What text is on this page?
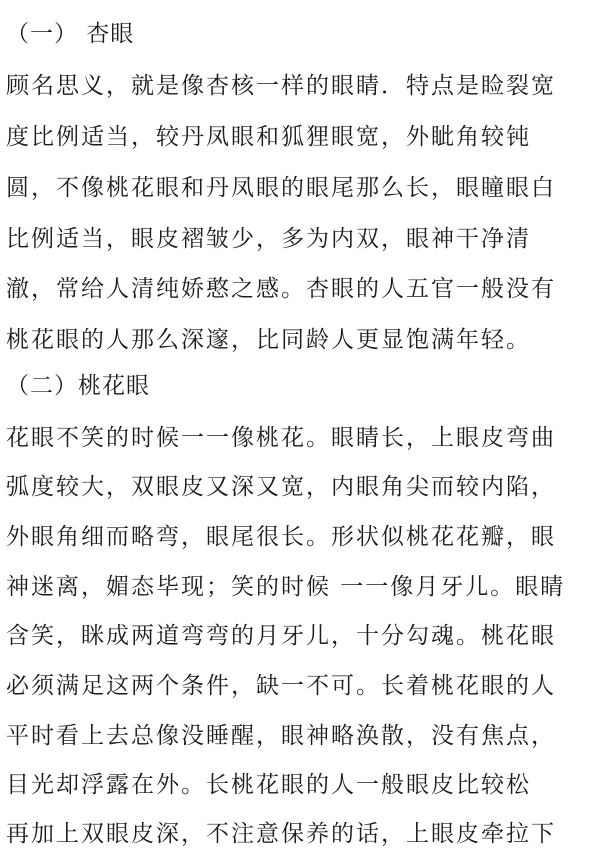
（一） 杏眼
顾名思义，就是像杏核一样的眼睛．特点是睑裂宽
度比例适当，较丹凤眼和狐狸眼宽，外眦角较钝
圆，不像桃花眼和丹凤眼的眼尾那么长，眼瞳眼白
比例适当，眼皮褶皱少，多为内双，眼神干净清
澈，常给人清纯娇憨之感。杏眼的人五官一般没有
桃花眼的人那么深邃，比同龄人更显饱满年轻。
（二）桃花眼
花眼不笑的时候一一像桃花。眼睛长，上眼皮弯曲
弧度较大，双眼皮又深又宽，内眼角尖而较内陷，
外眼角细而略弯，眼尾很长。形状似桃花花瓣，眼
神迷离，媚态毕现；笑的时候 一一像月牙儿。眼睛
含笑，眯成两道弯弯的月牙儿，十分勾魂。桃花眼
必须满足这两个条件，缺一不可。长着桃花眼的人
平时看上去总像没睡醒，眼神略涣散，没有焦点，
目光却浮露在外。长桃花眼的人一般眼皮比较松
再加上双眼皮深，不注意保养的话，上眼皮牵拉下
